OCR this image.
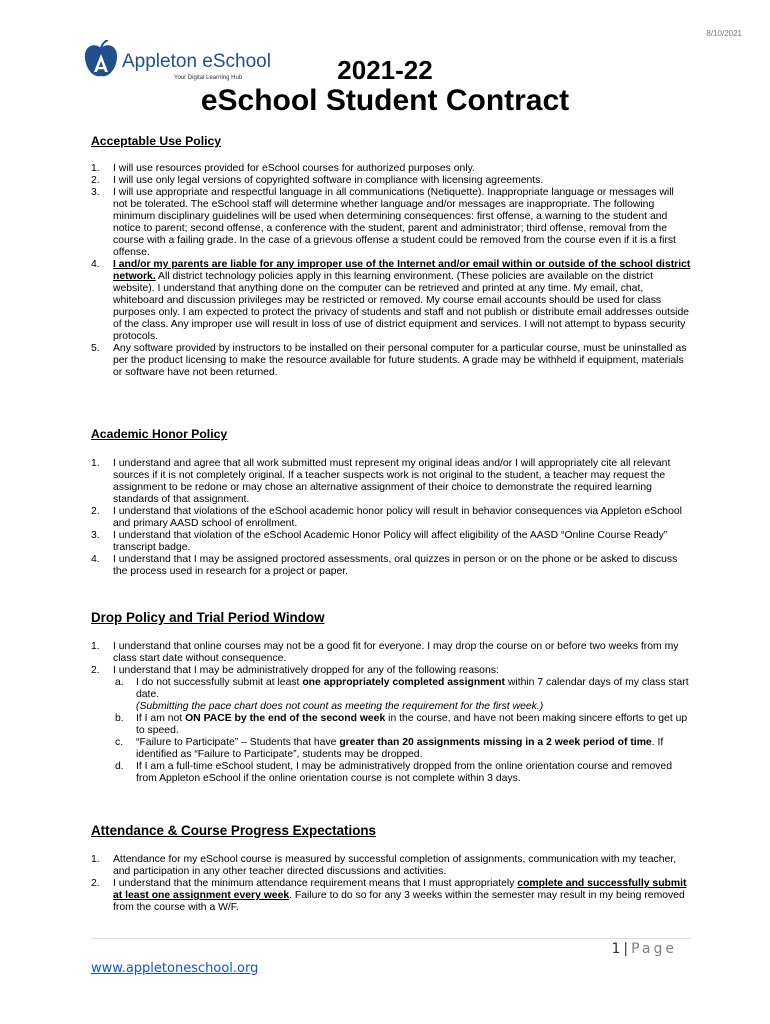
8/10/2021
Appleton eSchool
Your Digital Learning Hub	2021-22
eSchool Student Contract
Acceptable Use Policy
1. I will use resources provided for eSchool courses for authorized purposes only.
2. I will use only legal versions of copyrighted software in compliance with licensing agreements.
3. I will use appropriate and respectful language in all communications (Netiquette). Inappropriate language or messages will not be tolerated. The eSchool staff will determine whether language and/or messages are inappropriate. The following minimum disciplinary guidelines will be used when determining consequences: first offense, a warning to the student and notice to parent; second offense, a conference with the student, parent and administrator; third offense, removal from the course with a failing grade. In the case of a grievous offense a student could be removed from the course even if it is a first offense.
4. I and/or my parents are liable for any improper use of the Internet and/or email within or outside of the school district network. All district technology policies apply in this learning environment. (These policies are available on the district website). I understand that anything done on the computer can be retrieved and printed at any time. My email, chat, whiteboard and discussion privileges may be restricted or removed. My course email accounts should be used for class purposes only. I am expected to protect the privacy of students and staff and not publish or distribute email addresses outside of the class. Any improper use will result in loss of use of district equipment and services. I will not attempt to bypass security protocols.
5. Any software provided by instructors to be installed on their personal computer for a particular course, must be uninstalled as per the product licensing to make the resource available for future students. A grade may be withheld if equipment, materials or software have not been returned.
Academic Honor Policy
1. I understand and agree that all work submitted must represent my original ideas and/or I will appropriately cite all relevant sources if it is not completely original. If a teacher suspects work is not original to the student, a teacher may request the assignment to be redone or may chose an alternative assignment of their choice to demonstrate the required learning standards of that assignment.
2. I understand that violations of the eSchool academic honor policy will result in behavior consequences via Appleton eSchool and primary AASD school of enrollment.
3. I understand that violation of the eSchool Academic Honor Policy will affect eligibility of the AASD “Online Course Ready” transcript badge.
4. I understand that I may be assigned proctored assessments, oral quizzes in person or on the phone or be asked to discuss the process used in research for a project or paper.
Drop Policy and Trial Period Window
1. I understand that online courses may not be a good fit for everyone. I may drop the course on or before two weeks from my class start date without consequence.
2. I understand that I may be administratively dropped for any of the following reasons:
a. I do not successfully submit at least one appropriately completed assignment within 7 calendar days of my class start date.
(Submitting the pace chart does not count as meeting the requirement for the first week.)
b. If I am not ON PACE by the end of the second week in the course, and have not been making sincere efforts to get up to speed.
c. “Failure to Participate” – Students that have greater than 20 assignments missing in a 2 week period of time. If identified as “Failure to Participate”, students may be dropped.
d. If I am a full-time eSchool student, I may be administratively dropped from the online orientation course and removed from Appleton eSchool if the online orientation course is not complete within 3 days.
Attendance & Course Progress Expectations
1. Attendance for my eSchool course is measured by successful completion of assignments, communication with my teacher, and participation in any other teacher directed discussions and activities.
2. I understand that the minimum attendance requirement means that I must appropriately complete and successfully submit at least one assignment every week. Failure to do so for any 3 weeks within the semester may result in my being removed from the course with a W/F.
1 | Page
www.appletoneschool.org
